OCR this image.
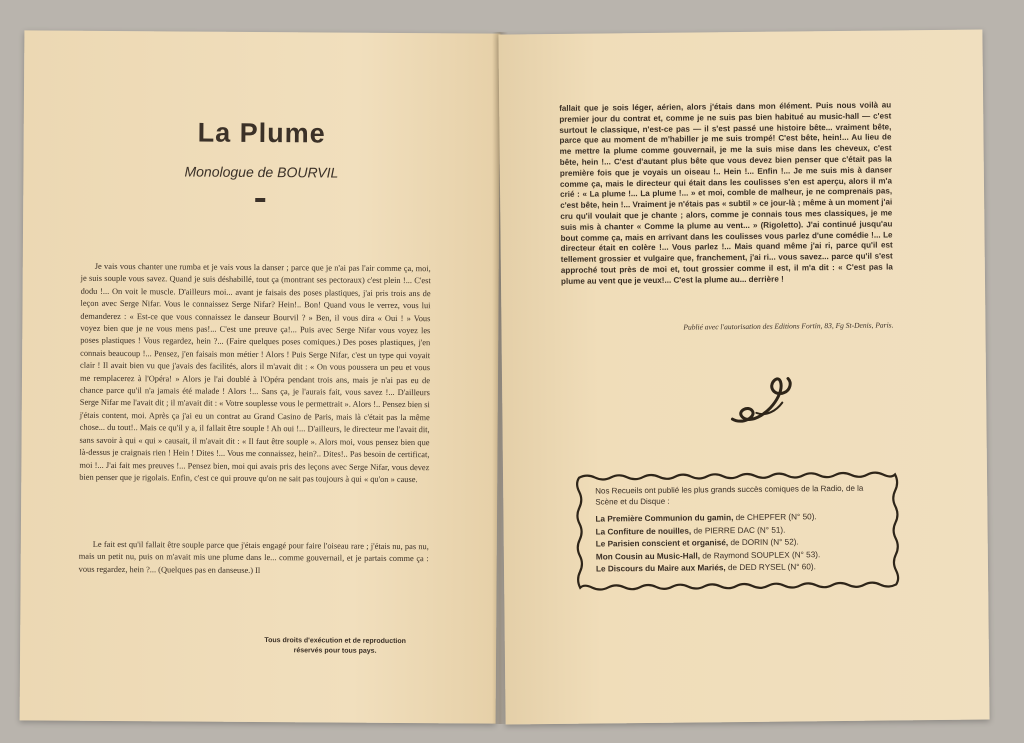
La Plume
Monologue de BOURVIL

Je vais vous chanter une rumba et je vais vous la danser ; parce que je n'ai pas l'air comme ça, moi, je suis souple vous savez. Quand je suis déshabillé, tout ça (montrant ses pectoraux) c'est plein !... C'est dodu !... On voit le muscle. D'ailleurs moi... avant je faisais des poses plastiques, j'ai pris trois ans de leçon avec Serge Nifar. Vous le connaissez Serge Nifar? Hein!.. Bon! Quand vous le verrez, vous lui demanderez : « Est-ce que vous connaissez le danseur Bourvil ? » Ben, il vous dira « Oui ! » Vous voyez bien que je ne vous mens pas!... C'est une preuve ça!... Puis avec Serge Nifar vous voyez les poses plastiques ! Vous regardez, hein ?... (Faire quelques poses comiques.) Des poses plastiques, j'en connais beaucoup !... Pensez, j'en faisais mon métier ! Alors ! Puis Serge Nifar, c'est un type qui voyait clair ! Il avait bien vu que j'avais des facilités, alors il m'avait dit : « On vous poussera un peu et vous me remplacerez à l'Opéra! » Alors je l'ai doublé à l'Opéra pendant trois ans, mais je n'ai pas eu de chance parce qu'il n'a jamais été malade ! Alors !... Sans ça, je l'aurais fait, vous savez !... D'ailleurs Serge Nifar me l'avait dit ; il m'avait dit : « Votre souplesse vous le permettrait ». Alors !.. Pensez bien si j'étais content, moi. Après ça j'ai eu un contrat au Grand Casino de Paris, mais là c'était pas la même chose... du tout!.. Mais ce qu'il y a, il fallait être souple ! Ah oui !... D'ailleurs, le directeur me l'avait dit, sans savoir à qui « qui » causait, il m'avait dit : « Il faut être souple ». Alors moi, vous pensez bien que là-dessus je craignais rien ! Hein ! Dites !... Vous me connaissez, hein?.. Dites!.. Pas besoin de certificat, moi !... J'ai fait mes preuves !... Pensez bien, moi qui avais pris des leçons avec Serge Nifar, vous devez bien penser que je rigolais. Enfin, c'est ce qui prouve qu'on ne sait pas toujours à qui « qu'on » cause.

Le fait est qu'il fallait être souple parce que j'étais engagé pour faire l'oiseau rare ; j'étais nu, pas nu, mais un petit nu, puis on m'avait mis une plume dans le... comme gouvernail, et je partais comme ça : vous regardez, hein ?... (Quelques pas en danseuse.) Il

Tous droits d'exécution et de reproduction
réservés pour tous pays.

fallait que je sois léger, aérien, alors j'étais dans mon élément. Puis nous voilà au premier jour du contrat et, comme je ne suis pas bien habitué au music-hall — c'est surtout le classique, n'est-ce pas — il s'est passé une histoire bête... vraiment bête, parce que au moment de m'habiller je me suis trompé! C'est bête, hein!... Au lieu de me mettre la plume comme gouvernail, je me la suis mise dans les cheveux, c'est bête, hein !... C'est d'autant plus bête que vous devez bien penser que c'était pas la première fois que je voyais un oiseau !.. Hein !... Enfin !... Je me suis mis à danser comme ça, mais le directeur qui était dans les coulisses s'en est aperçu, alors il m'a crié : « La plume !... La plume !... » et moi, comble de malheur, je ne comprenais pas, c'est bête, hein !... Vraiment je n'étais pas « subtil » ce jour-là ; même à un moment j'ai cru qu'il voulait que je chante ; alors, comme je connais tous mes classiques, je me suis mis à chanter « Comme la plume au vent... » (Rigoletto). J'ai continué jusqu'au bout comme ça, mais en arrivant dans les coulisses vous parlez d'une comédie !... Le directeur était en colère !... Vous parlez !... Mais quand même j'ai ri, parce qu'il est tellement grossier et vulgaire que, franchement, j'ai ri... vous savez... parce qu'il s'est approché tout près de moi et, tout grossier comme il est, il m'a dit : « C'est pas la plume au vent que je veux!... C'est la plume au... derrière !

Publié avec l'autorisation des Editions Fortin, 83, Fg St-Denis, Paris.
Nos Recueils ont publié les plus grands succès comiques de la Radio, de la Scène et du Disque :
La Première Communion du gamin, de CHEPFER (N° 50).
La Confiture de nouilles, de PIERRE DAC (N° 51).
Le Parisien conscient et organisé, de DORIN (N° 52).
Mon Cousin au Music-Hall, de Raymond SOUPLEX (N° 53).
Le Discours du Maire aux Mariés, de DED RYSEL (N° 60).
